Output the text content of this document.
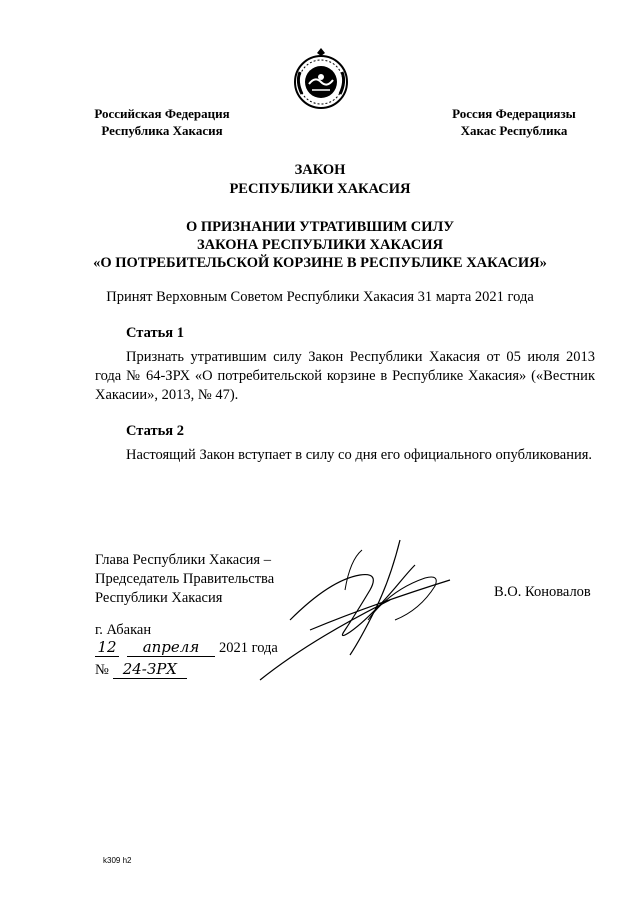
Российская Федерация
Республика Хакасия
Россия Федерациязы
Хакас Республика
ЗАКОН
РЕСПУБЛИКИ ХАКАСИЯ
О ПРИЗНАНИИ УТРАТИВШИМ СИЛУ
ЗАКОНА РЕСПУБЛИКИ ХАКАСИЯ
«О ПОТРЕБИТЕЛЬСКОЙ КОРЗИНЕ В РЕСПУБЛИКЕ ХАКАСИЯ»
Принят Верховным Советом Республики Хакасия 31 марта 2021 года
Статья 1
Признать утратившим силу Закон Республики Хакасия от 05 июля 2013 года № 64-ЗРХ «О потребительской корзине в Республике Хакасия» («Вестник Хакасии», 2013, № 47).
Статья 2
Настоящий Закон вступает в силу со дня его официального опубликования.
Глава Республики Хакасия –
Председатель Правительства
Республики Хакасия	В.О. Коновалов
г. Абакан
12	апреля	2021 года
№ 24-ЗРХ
k309 h2
